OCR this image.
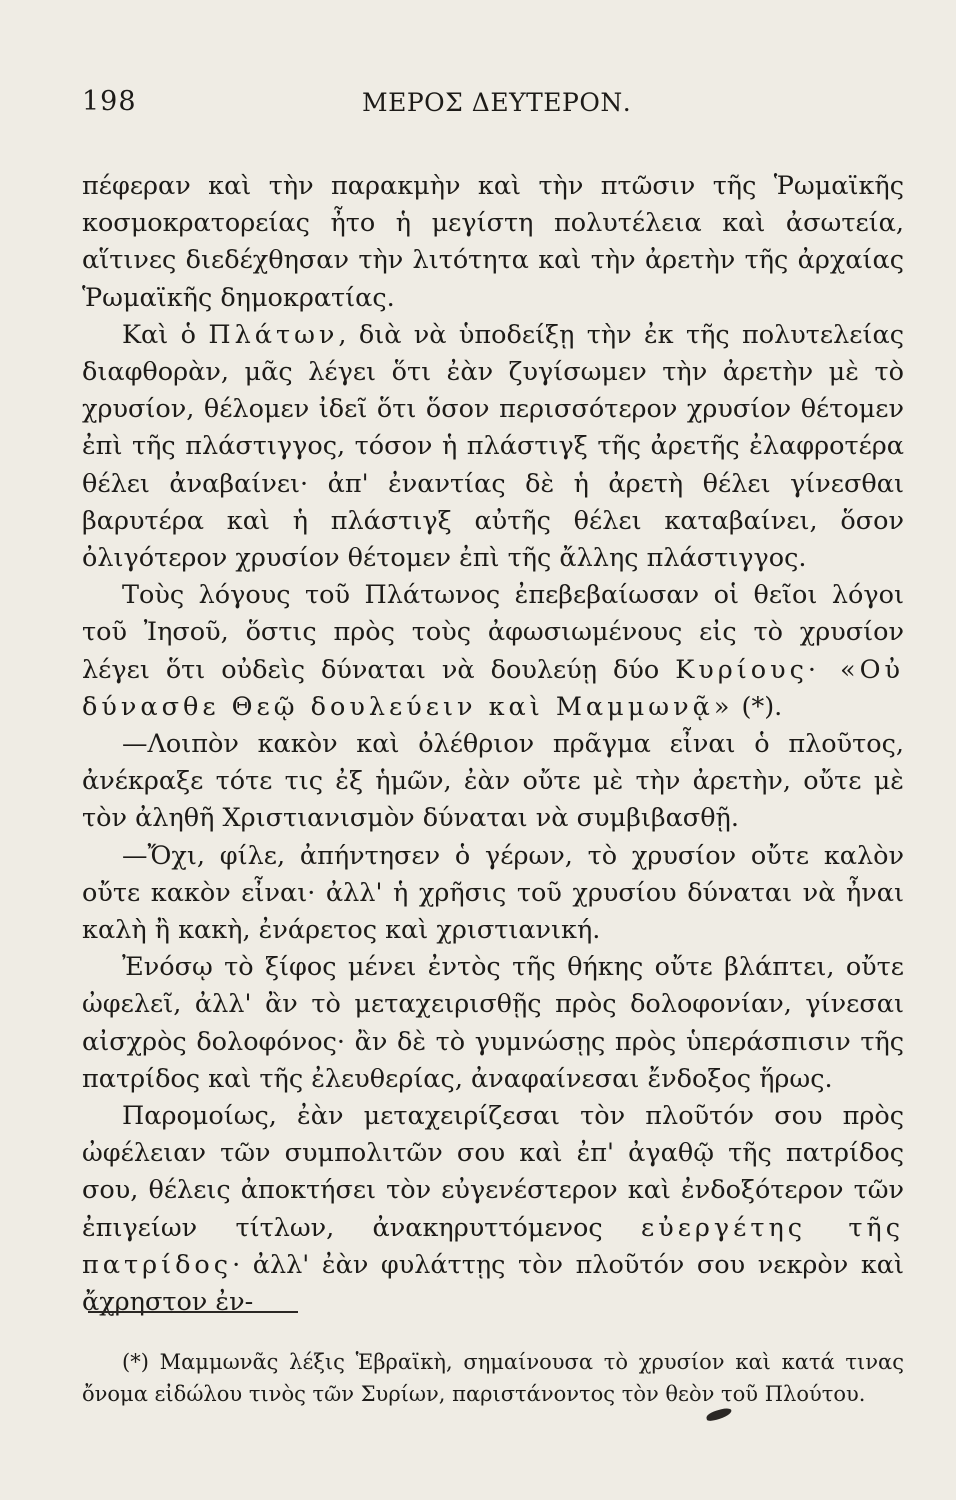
198	ΜΕΡΟΣ ΔΕΥΤΕΡΟΝ.

πέφεραν καὶ τὴν παρακμὴν καὶ τὴν πτῶσιν τῆς Ῥωμαϊκῆς κοσμοκρατορείας ἦτο ἡ μεγίστη πολυτέλεια καὶ ἀσωτεία, αἵτινες διεδέχθησαν τὴν λιτότητα καὶ τὴν ἀρετὴν τῆς ἀρχαίας Ῥωμαϊκῆς δημοκρατίας.

Καὶ ὁ Πλάτων, διὰ νὰ ὑποδείξῃ τὴν ἐκ τῆς πολυτελείας διαφθορὰν, μᾶς λέγει ὅτι ἐὰν ζυγίσωμεν τὴν ἀρετὴν μὲ τὸ χρυσίον, θέλομεν ἰδεῖ ὅτι ὅσον περισσότερον χρυσίον θέτομεν ἐπὶ τῆς πλάστιγγος, τόσον ἡ πλάστιγξ τῆς ἀρετῆς ἐλαφροτέρα θέλει ἀναβαίνει· ἀπ' ἐναντίας δὲ ἡ ἀρετὴ θέλει γίνεσθαι βαρυτέρα καὶ ἡ πλάστιγξ αὐτῆς θέλει καταβαίνει, ὅσον ὀλιγότερον χρυσίον θέτομεν ἐπὶ τῆς ἄλλης πλάστιγγος.

Τοὺς λόγους τοῦ Πλάτωνος ἐπεβεβαίωσαν οἱ θεῖοι λόγοι τοῦ Ἰησοῦ, ὅστις πρὸς τοὺς ἀφωσιωμένους εἰς τὸ χρυσίον λέγει ὅτι οὐδεὶς δύναται νὰ δουλεύῃ δύο Κυρίους· «Οὐ δύνασθε Θεῷ δουλεύειν καὶ Μαμμωνᾷ» (*).

—Λοιπὸν κακὸν καὶ ὀλέθριον πρᾶγμα εἶναι ὁ πλοῦτος, ἀνέκραξε τότε τις ἐξ ἡμῶν, ἐὰν οὔτε μὲ τὴν ἀρετὴν, οὔτε μὲ τὸν ἀληθῆ Χριστιανισμὸν δύναται νὰ συμβιβασθῇ.

—Ὄχι, φίλε, ἀπήντησεν ὁ γέρων, τὸ χρυσίον οὔτε καλὸν οὔτε κακὸν εἶναι· ἀλλ' ἡ χρῆσις τοῦ χρυσίου δύναται νὰ ἦναι καλὴ ἢ κακὴ, ἐνάρετος καὶ χριστιανική.

Ἐνόσῳ τὸ ξίφος μένει ἐντὸς τῆς θήκης οὔτε βλάπτει, οὔτε ὠφελεῖ, ἀλλ' ἂν τὸ μεταχειρισθῇς πρὸς δολοφονίαν, γίνεσαι αἰσχρὸς δολοφόνος· ἂν δὲ τὸ γυμνώσῃς πρὸς ὑπεράσπισιν τῆς πατρίδος καὶ τῆς ἐλευθερίας, ἀναφαίνεσαι ἔνδοξος ἥρως.

Παρομοίως, ἐὰν μεταχειρίζεσαι τὸν πλοῦτόν σου πρὸς ὠφέλειαν τῶν συμπολιτῶν σου καὶ ἐπ' ἀγαθῷ τῆς πατρίδος σου, θέλεις ἀποκτήσει τὸν εὐγενέστερον καὶ ἐνδοξότερον τῶν ἐπιγείων τίτλων, ἀνακηρυττόμενος εὐεργέτης τῆς πατρίδος· ἀλλ' ἐὰν φυλάττῃς τὸν πλοῦτόν σου νεκρὸν καὶ ἄχρηστον ἐν-

(*) Μαμμωνᾶς λέξις Ἑβραϊκὴ, σημαίνουσα τὸ χρυσίον καὶ κατά τινας ὄνομα εἰδώλου τινὸς τῶν Συρίων, παριστάνοντος τὸν θεὸν τοῦ Πλούτου.
